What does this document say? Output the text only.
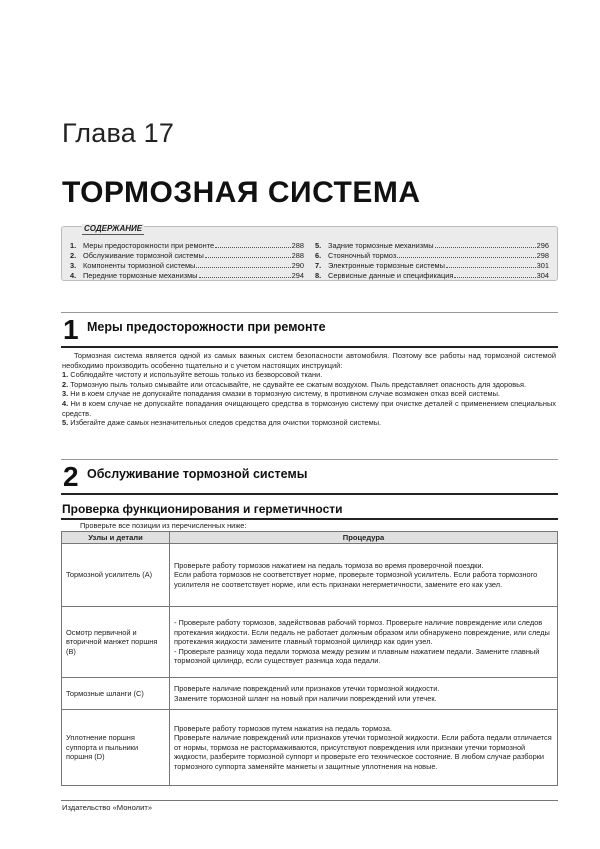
Глава 17
ТОРМОЗНАЯ СИСТЕМА
СОДЕРЖАНИЕ
1. Меры предосторожности при ремонте	288
2. Обслуживание тормозной системы	288
3. Компоненты тормозной системы	290
4. Передние тормозные механизмы	294
5. Задние тормозные механизмы	296
6. Стояночный тормоз	298
7. Электронные тормозные системы	301
8. Сервисные данные и спецификация	304
1 Меры предосторожности при ремонте

Тормозная система является одной из самых важных систем безопасности автомобиля. Поэтому все работы над тормозной системой необходимо производить особенно тщательно и с учетом настоящих инструкций:

1. Соблюдайте чистоту и используйте ветошь только из безворсовой ткани.

2. Тормозную пыль только смывайте или отсасывайте, не сдувайте ее сжатым воздухом. Пыль представляет опасность для здоровья.

3. Ни в коем случае не допускайте попадания смазки в тормозную систему, в противном случае возможен отказ всей системы.

4. Ни в коем случае не допускайте попадания очищающего средства в тормозную систему при очистке деталей с применением специальных средств.

5. Избегайте даже самых незначительных следов средства для очистки тормозной системы.

2 Обслуживание тормозной системы
Проверка функционирования и герметичности
Проверьте все позиции из перечисленных ниже:
Узлы и детали	Процедура
Тормозной усилитель (A)	Проверьте работу тормозов нажатием на педаль тормоза во время проверочной поездки.
Если работа тормозов не соответствует норме, проверьте тормозной усилитель. Если работа тормозного усилителя не соответствует норме, или есть признаки негерметичности, замените его как узел.

Осмотр первичной и вторичной манжет поршня (B)	- Проверьте работу тормозов, задействовав рабочий тормоз. Проверьте наличие повреждение или следов протекания жидкости. Если педаль не работает должным образом или обнаружено повреждение, или следы протекания жидкости замените главный тормозной цилиндр как один узел.
- Проверьте разницу хода педали тормоза между резким и плавным нажатием педали. Замените главный тормозной цилиндр, если существует разница хода педали.

Тормозные шланги (C)	Проверьте наличие повреждений или признаков утечки тормозной жидкости.
Замените тормозной шланг на новый при наличии повреждений или утечек.

Уплотнение поршня суппорта и пыльники поршня (D)	Проверьте работу тормозов путем нажатия на педаль тормоза.
Проверьте наличие повреждений или признаков утечки тормозной жидкости. Если работа педали отличается от нормы, тормоза не растормаживаются, присутствуют повреждения или признаки утечки тормозной жидкости, разберите тормозной суппорт и проверьте его техническое состояние. В любом случае разборки тормозного суппорта заменяйте манжеты и защитные уплотнения на новые.
Издательство «Монолит»
